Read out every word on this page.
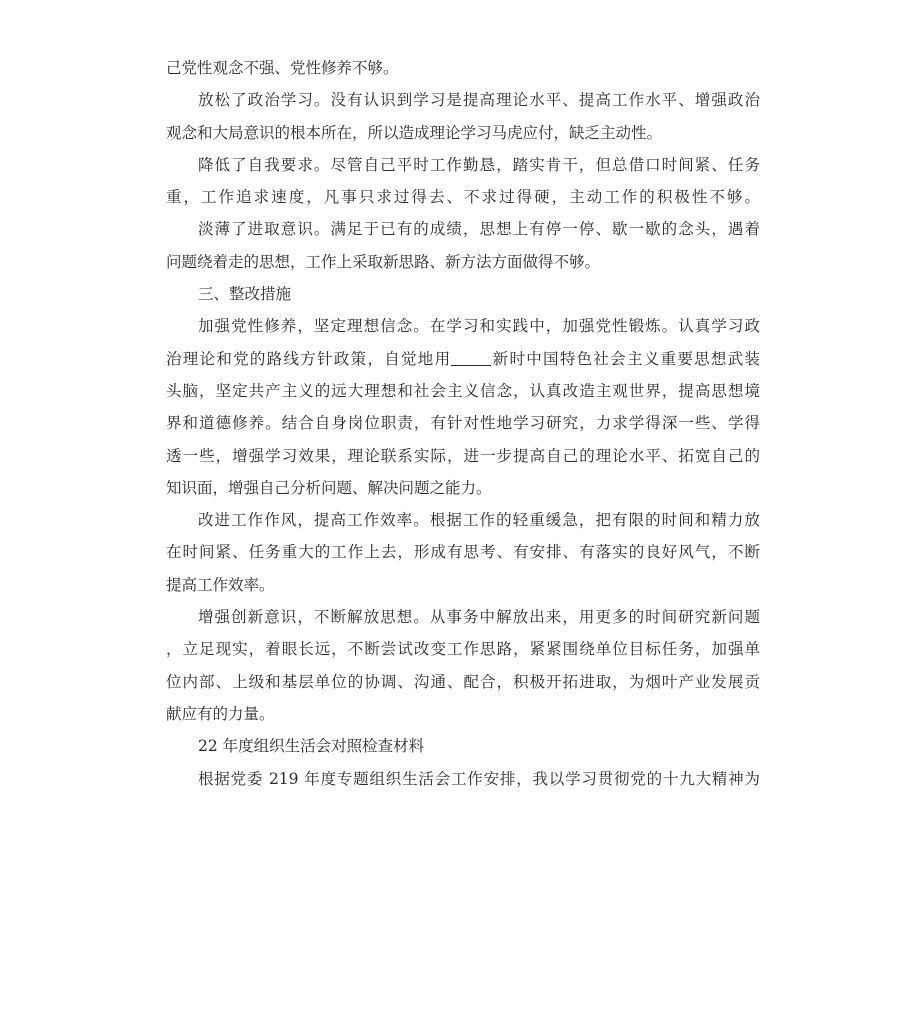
己党性观念不强、党性修养不够。
放松了政治学习。没有认识到学习是提高理论水平、提高工作水平、增强政治
观念和大局意识的根本所在，所以造成理论学习马虎应付，缺乏主动性。
降低了自我要求。尽管自己平时工作勤恳，踏实肯干，但总借口时间紧、任务
重，工作追求速度，凡事只求过得去、不求过得硬，主动工作的积极性不够。
淡薄了进取意识。满足于已有的成绩，思想上有停一停、歇一歇的念头，遇着
问题绕着走的思想，工作上采取新思路、新方法方面做得不够。
三、整改措施
加强党性修养，坚定理想信念。在学习和实践中，加强党性锻炼。认真学习政
治理论和党的路线方针政策，自觉地用	新时中国特色社会主义重要思想武装
头脑，坚定共产主义的远大理想和社会主义信念，认真改造主观世界，提高思想境
界和道德修养。结合自身岗位职责，有针对性地学习研究，力求学得深一些、学得
透一些，增强学习效果，理论联系实际，进一步提高自己的理论水平、拓宽自己的
知识面，增强自己分析问题、解决问题之能力。
改进工作作风，提高工作效率。根据工作的轻重缓急，把有限的时间和精力放
在时间紧、任务重大的工作上去，形成有思考、有安排、有落实的良好风气，不断
提高工作效率。
增强创新意识，不断解放思想。从事务中解放出来，用更多的时间研究新问题
，立足现实，着眼长远，不断尝试改变工作思路，紧紧围绕单位目标任务，加强单
位内部、上级和基层单位的协调、沟通、配合，积极开拓进取，为烟叶产业发展贡
献应有的力量。
22 年度组织生活会对照检查材料
根据党委 219 年度专题组织生活会工作安排，我以学习贯彻党的十九大精神为
